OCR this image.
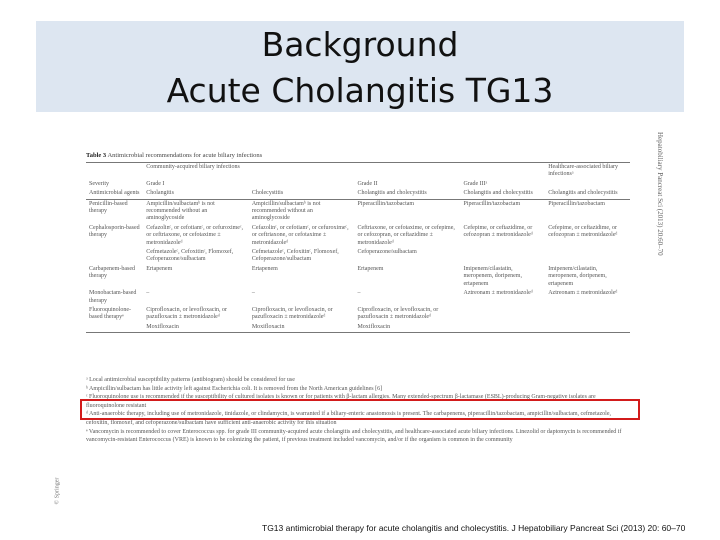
Background
Acute Cholangitis TG13
Hepatobiliary Pancreat Sci (2013) 20:60–70
© Springer
Table 3 Antimicrobial recommendations for acute biliary infections
	Community-acquired biliary infections				Healthcare-associated biliary infectionsᵃ
Severity	Grade I		Grade II	Grade IIIᵃ	
Antimicrobial agents	Cholangitis	Cholecystitis	Cholangitis and cholecystitis	Cholangitis and cholecystitis	Cholangitis and cholecystitis
Penicillin-based therapy	Ampicillin/sulbactamᵇ is not recommended without an aminoglycoside	Ampicillin/sulbactamᵇ is not recommended without an aminoglycoside	Piperacillin/tazobactam	Piperacillin/tazobactam	Piperacillin/tazobactam
Cephalosporin-based therapy	Cefazolinᶜ, or cefotiamᶜ, or cefuroximeᶜ, or ceftriaxone, or cefotaxime ± metronidazoleᵈ	Cefazolinᶜ, or cefotiamᶜ, or cefuroximeᶜ, or ceftriaxone, or cefotaxime ± metronidazoleᵈ	Ceftriaxone, or cefotaxime, or cefepime, or cefozopran, or ceftazidime ± metronidazoleᵈ	Cefepime, or ceftazidime, or cefozopran ± metronidazoleᵈ	Cefepime, or ceftazidime, or cefozopran ± metronidazoleᵈ
	Cefmetazoleᶜ, Cefoxitinᶜ, Flomoxef, Cefoperazone/sulbactam	Cefmetazoleᶜ, Cefoxitinᶜ, Flomoxef, Cefoperazone/sulbactam	Cefoperazone/sulbactam		
Carbapenem-based therapy	Ertapenem	Ertapenem	Ertapenem	Imipenem/cilastatin, meropenem, doripenem, ertapenem	Imipenem/cilastatin, meropenem, doripenem, ertapenem
Monobactam-based therapy	–	–	–	Aztreonam ± metronidazoleᵈ	Aztreonam ± metronidazoleᵈ
Fluoroquinolone-based therapyᵉ	Ciprofloxacin, or levofloxacin, or pazufloxacin ± metronidazoleᵈ	Ciprofloxacin, or levofloxacin, or pazufloxacin ± metronidazoleᵈ	Ciprofloxacin, or levofloxacin, or pazufloxacin ± metronidazoleᵈ		
	Moxifloxacin	Moxifloxacin	Moxifloxacin		

ᵃ Local antimicrobial susceptibility patterns (antibiogram) should be considered for use

ᵇ Ampicillin/sulbactam has little activity left against Escherichia coli. It is removed from the North American guidelines [6]

ᶜ Fluoroquinolone use is recommended if the susceptibility of cultured isolates is known or for patients with β-lactam allergies. Many extended-spectrum β-lactamase (ESBL)-producing Gram-negative isolates are fluoroquinolone resistant

ᵈ Anti-anaerobic therapy, including use of metronidazole, tinidazole, or clindamycin, is warranted if a biliary-enteric anastomosis is present. The carbapenems, piperacillin/tazobactam, ampicillin/sulbactam, cefmetazole, cefoxitin, flomoxef, and cefoperazone/sulbactam have sufficient anti-anaerobic activity for this situation

ᵉ Vancomycin is recommended to cover Enterococcus spp. for grade III community-acquired acute cholangitis and cholecystitis, and healthcare-associated acute biliary infections. Linezolid or daptomycin is recommended if vancomycin-resistant Enterococcus (VRE) is known to be colonizing the patient, if previous treatment included vancomycin, and/or if the organism is common in the community

TG13 antimicrobial therapy for acute cholangitis and cholecystitis. J Hepatobiliary Pancreat Sci (2013) 20: 60–70
